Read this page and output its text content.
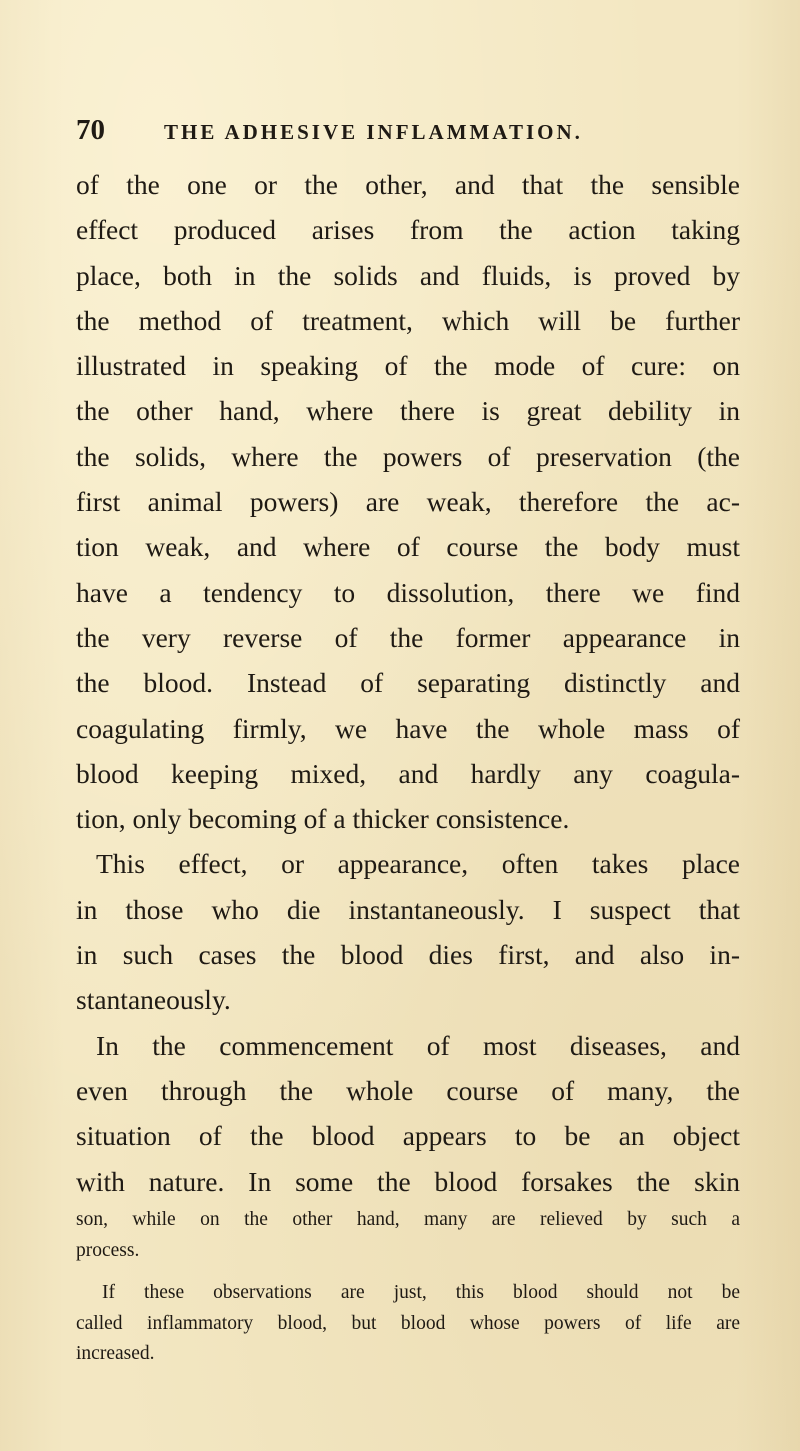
70	THE ADHESIVE INFLAMMATION.
of the one or the other, and that the sensible
effect produced arises from the action taking
place, both in the solids and fluids, is proved by
the method of treatment, which will be further
illustrated in speaking of the mode of cure: on
the other hand, where there is great debility in
the solids, where the powers of preservation (the
first animal powers) are weak, therefore the ac-
tion weak, and where of course the body must
have a tendency to dissolution, there we find
the very reverse of the former appearance in
the blood. Instead of separating distinctly and
coagulating firmly, we have the whole mass of
blood keeping mixed, and hardly any coagula-
tion, only becoming of a thicker consistence.
This effect, or appearance, often takes place
in those who die instantaneously. I suspect that
in such cases the blood dies first, and also in-
stantaneously.
In the commencement of most diseases, and
even through the whole course of many, the
situation of the blood appears to be an object
with nature. In some the blood forsakes the skin
son, while on the other hand, many are relieved by such a
process.
If these observations are just, this blood should not be
called inflammatory blood, but blood whose powers of life are
increased.
